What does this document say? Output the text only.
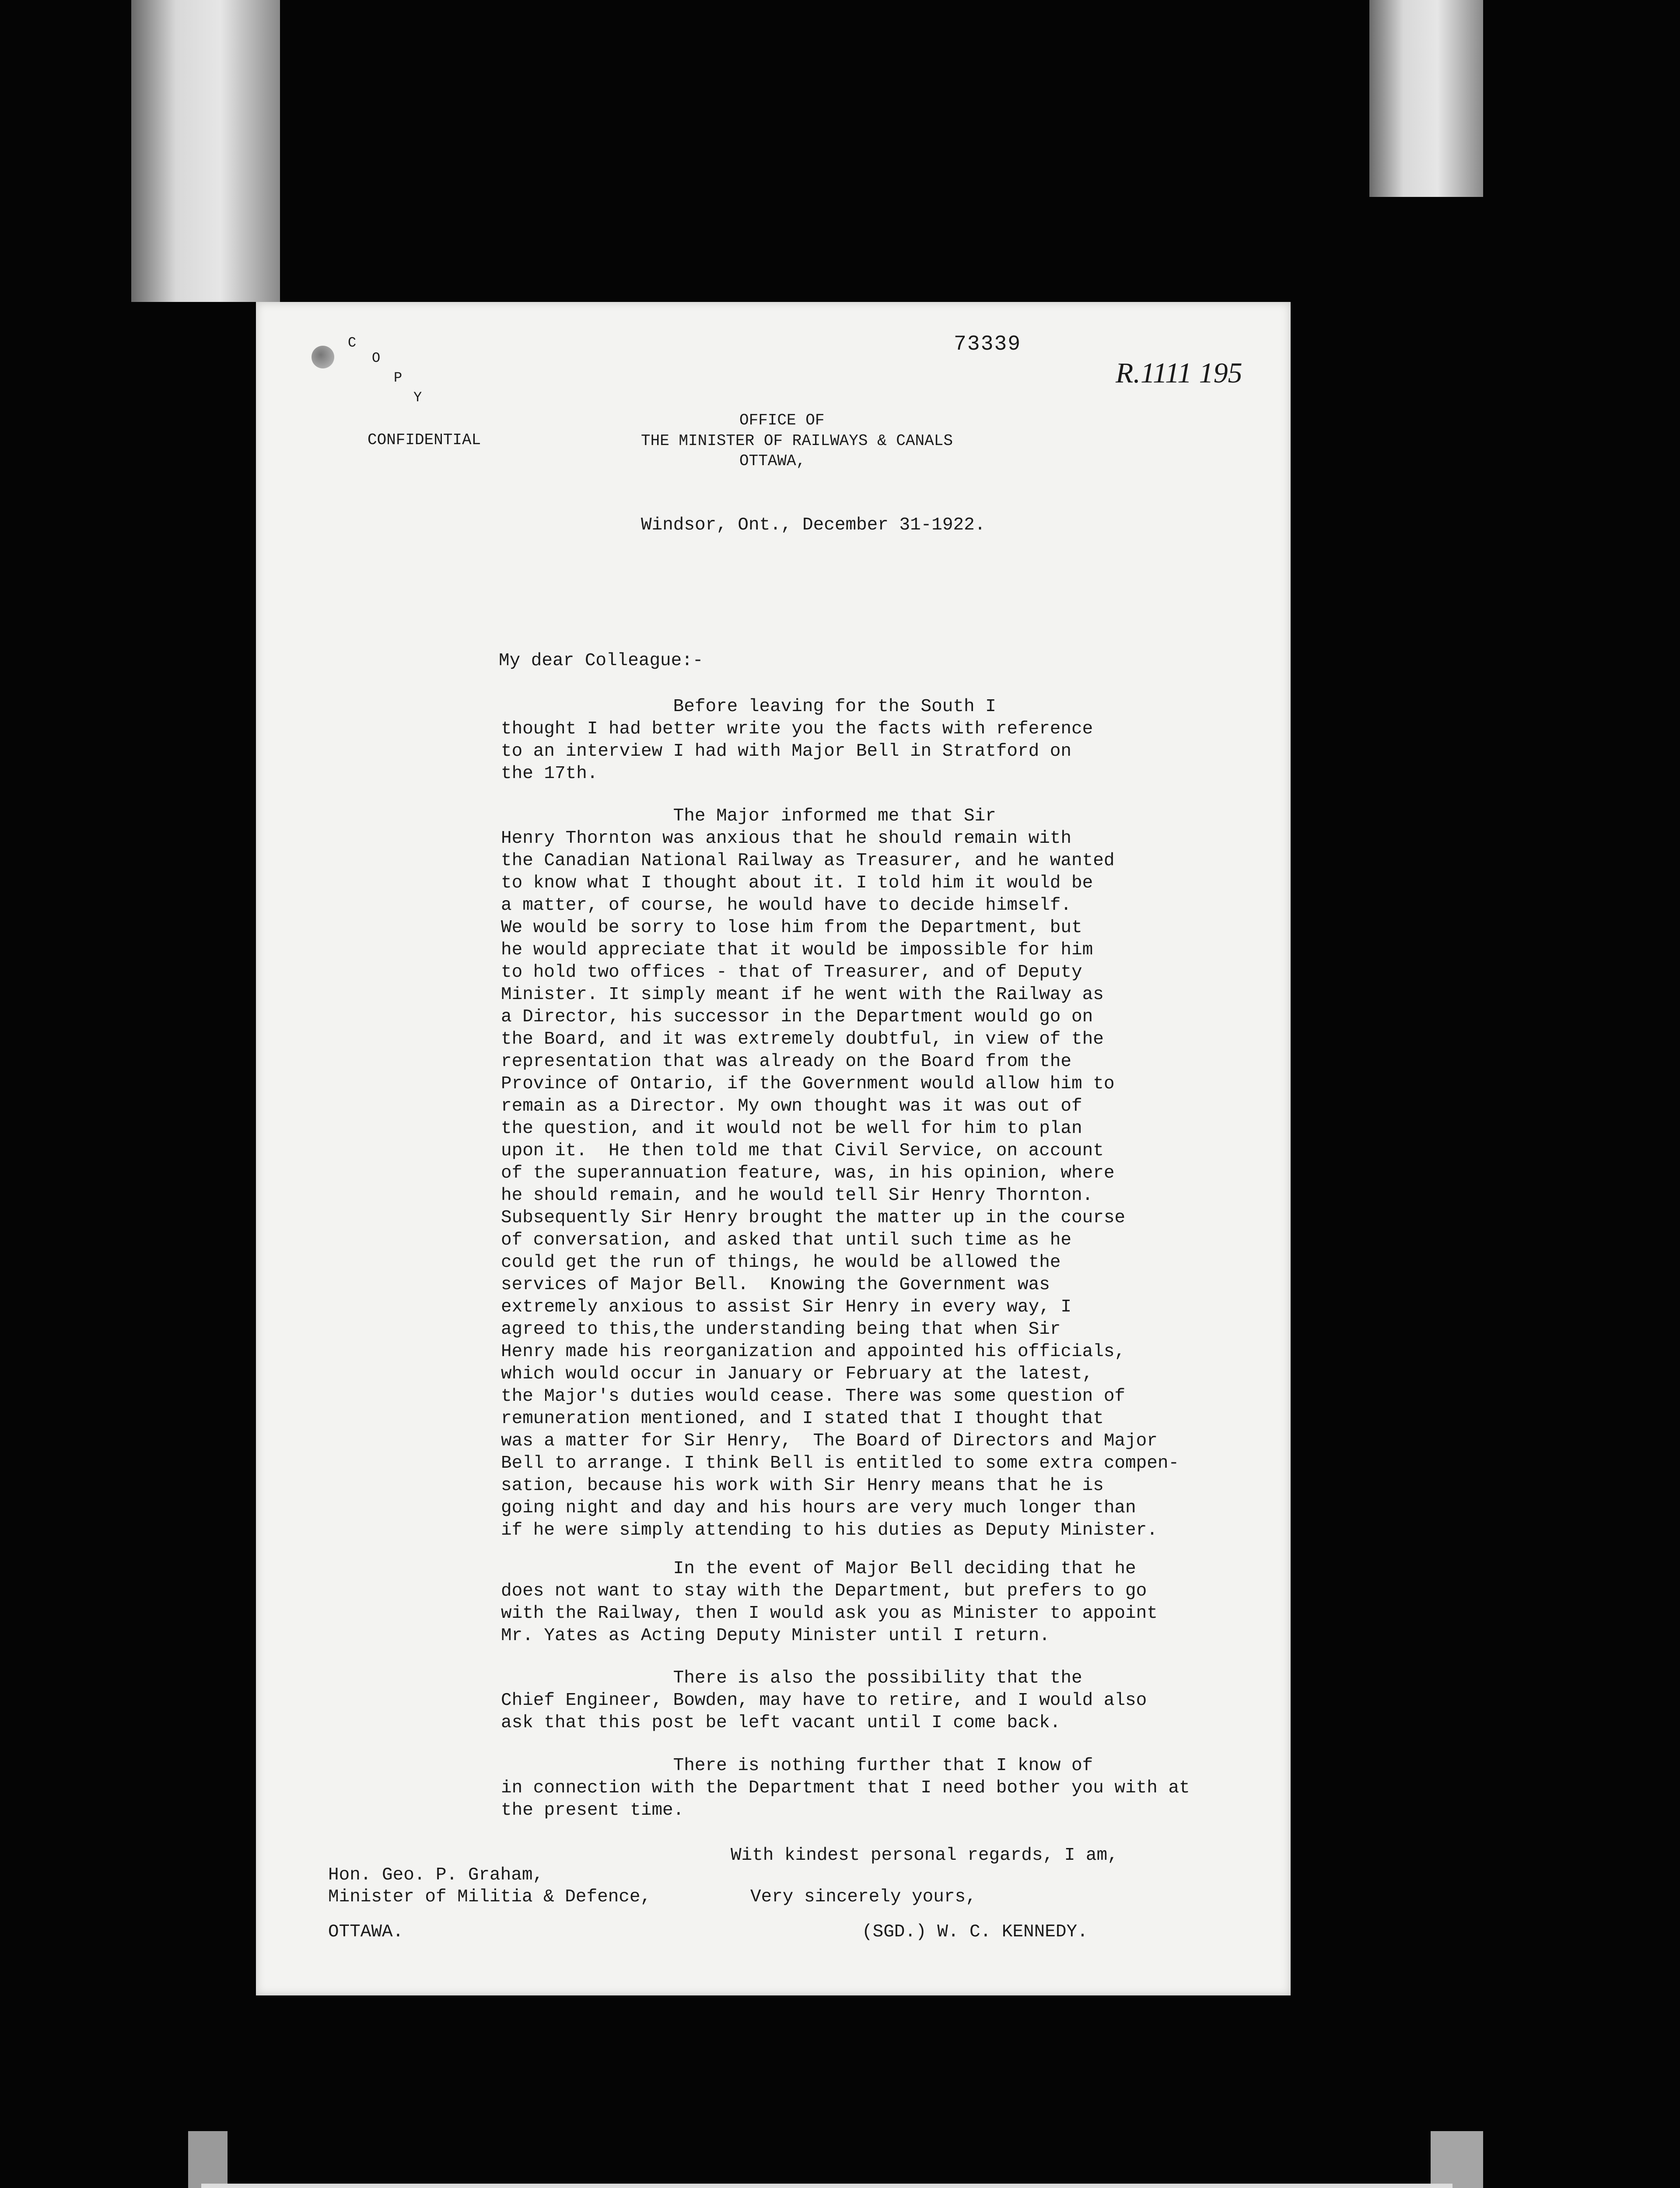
C
O
P
Y
73339
R.1111 195
CONFIDENTIAL
OFFICE OF
THE MINISTER OF RAILWAYS & CANALS
OTTAWA,
Windsor, Ont., December 31-1922.
My dear Colleague:-
Before leaving for the South I
thought I had better write you the facts with reference
to an interview I had with Major Bell in Stratford on
the 17th.
The Major informed me that Sir
Henry Thornton was anxious that he should remain with
the Canadian National Railway as Treasurer, and he wanted
to know what I thought about it. I told him it would be
a matter, of course, he would have to decide himself.
We would be sorry to lose him from the Department, but
he would appreciate that it would be impossible for him
to hold two offices - that of Treasurer, and of Deputy
Minister. It simply meant if he went with the Railway as
a Director, his successor in the Department would go on
the Board, and it was extremely doubtful, in view of the
representation that was already on the Board from the
Province of Ontario, if the Government would allow him to
remain as a Director. My own thought was it was out of
the question, and it would not be well for him to plan
upon it.  He then told me that Civil Service, on account
of the superannuation feature, was, in his opinion, where
he should remain, and he would tell Sir Henry Thornton.
Subsequently Sir Henry brought the matter up in the course
of conversation, and asked that until such time as he
could get the run of things, he would be allowed the
services of Major Bell.  Knowing the Government was
extremely anxious to assist Sir Henry in every way, I
agreed to this,the understanding being that when Sir
Henry made his reorganization and appointed his officials,
which would occur in January or February at the latest,
the Major's duties would cease. There was some question of
remuneration mentioned, and I stated that I thought that
was a matter for Sir Henry,  The Board of Directors and Major
Bell to arrange. I think Bell is entitled to some extra compen-
sation, because his work with Sir Henry means that he is
going night and day and his hours are very much longer than
if he were simply attending to his duties as Deputy Minister.
In the event of Major Bell deciding that he
does not want to stay with the Department, but prefers to go
with the Railway, then I would ask you as Minister to appoint
Mr. Yates as Acting Deputy Minister until I return.
There is also the possibility that the
Chief Engineer, Bowden, may have to retire, and I would also
ask that this post be left vacant until I come back.
There is nothing further that I know of
in connection with the Department that I need bother you with at
the present time.
With kindest personal regards, I am,
Hon. Geo. P. Graham,
Minister of Militia & Defence,
OTTAWA.
Very sincerely yours,
(SGD.) W. C. KENNEDY.
